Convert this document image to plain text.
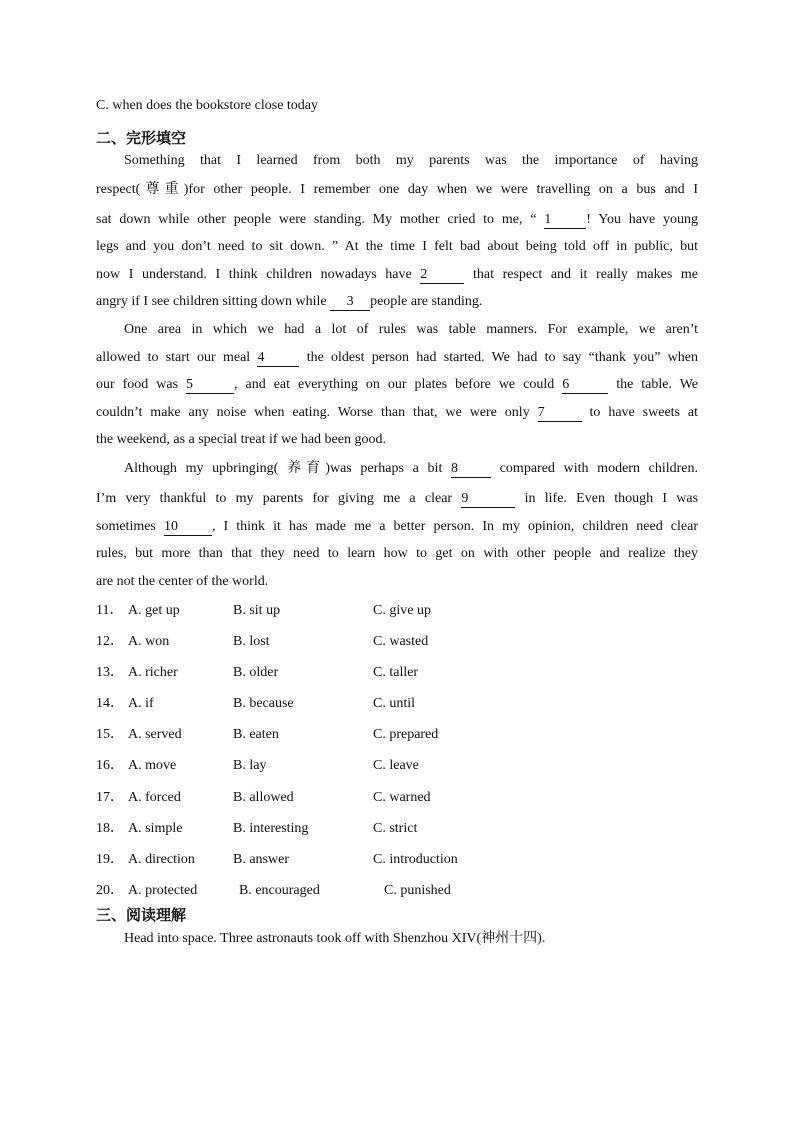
C. when does the bookstore close today
二、完形填空
Something that I learned from both my parents was the importance of having
respect(尊重)for other people. I remember one day when we were travelling on a bus and I
sat down while other people were standing. My mother cried to me, “ 1	! You have young
legs and you don’t need to sit down. ” At the time I felt bad about being told off in public, but
now I understand. I think children nowadays have 2	that respect and it really makes me
angry if I see children sitting down while 3 people are standing.
One area in which we had a lot of rules was table manners. For example, we aren’t
allowed to start our meal 4	the oldest person had started. We had to say “thank you” when
our food was 5	, and eat everything on our plates before we could 6	the table. We
couldn’t make any noise when eating. Worse than that, we were only 7	to have sweets at
the weekend, as a special treat if we had been good.
Although my upbringing( 养育)was perhaps a bit 8	compared with modern children.
I’m very thankful to my parents for giving me a clear 9	in life. Even though I was
sometimes 10 , I think it has made me a better person. In my opinion, children need clear
rules, but more than that they need to learn how to get on with other people and realize they
are not the center of the world.
11． A. get up	B. sit up	C. give up
12． A. won	B. lost	C. wasted
13． A. richer	B. older	C. taller
14． A. if	B. because	C. until
15． A. served	B. eaten	C. prepared
16． A. move	B. lay	C. leave
17． A. forced	B. allowed	C. warned
18． A. simple	B. interesting	C. strict
19． A. direction	B. answer	C. introduction
20． A. protected	B. encouraged	C. punished
三、阅读理解
Head into space. Three astronauts took off with Shenzhou XIV(神州十四).
